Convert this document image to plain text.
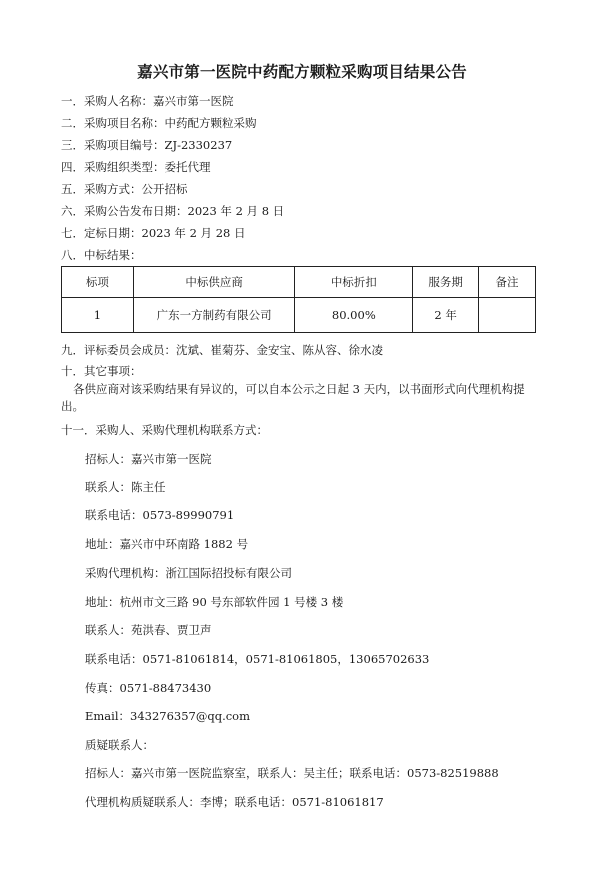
嘉兴市第一医院中药配方颗粒采购项目结果公告
一．采购人名称：嘉兴市第一医院
二．采购项目名称：中药配方颗粒采购
三．采购项目编号：ZJ-2330237
四．采购组织类型：委托代理
五．采购方式：公开招标
六．采购公告发布日期：2023 年 2 月 8 日
七．定标日期：2023 年 2 月 28 日
八．中标结果：
标项	中标供应商	中标折扣	服务期	备注
1	广东一方制药有限公司	80.00%	2 年	
九．评标委员会成员：沈斌、崔菊芬、金安宝、陈从容、徐水凌
十．其它事项：
各供应商对该采购结果有异议的，可以自本公示之日起 3 天内，以书面形式向代理机构提出。
十一．采购人、采购代理机构联系方式：
招标人：嘉兴市第一医院
联系人：陈主任
联系电话：0573-89990791
地址：嘉兴市中环南路 1882 号
采购代理机构：浙江国际招投标有限公司
地址：杭州市文三路 90 号东部软件园 1 号楼 3 楼
联系人：苑洪春、贾卫声
联系电话：0571-81061814，0571-81061805，13065702633
传真：0571-88473430
Email：343276357@qq.com
质疑联系人：
招标人：嘉兴市第一医院监察室，联系人：吴主任；联系电话：0573-82519888
代理机构质疑联系人：李博；联系电话：0571-81061817
